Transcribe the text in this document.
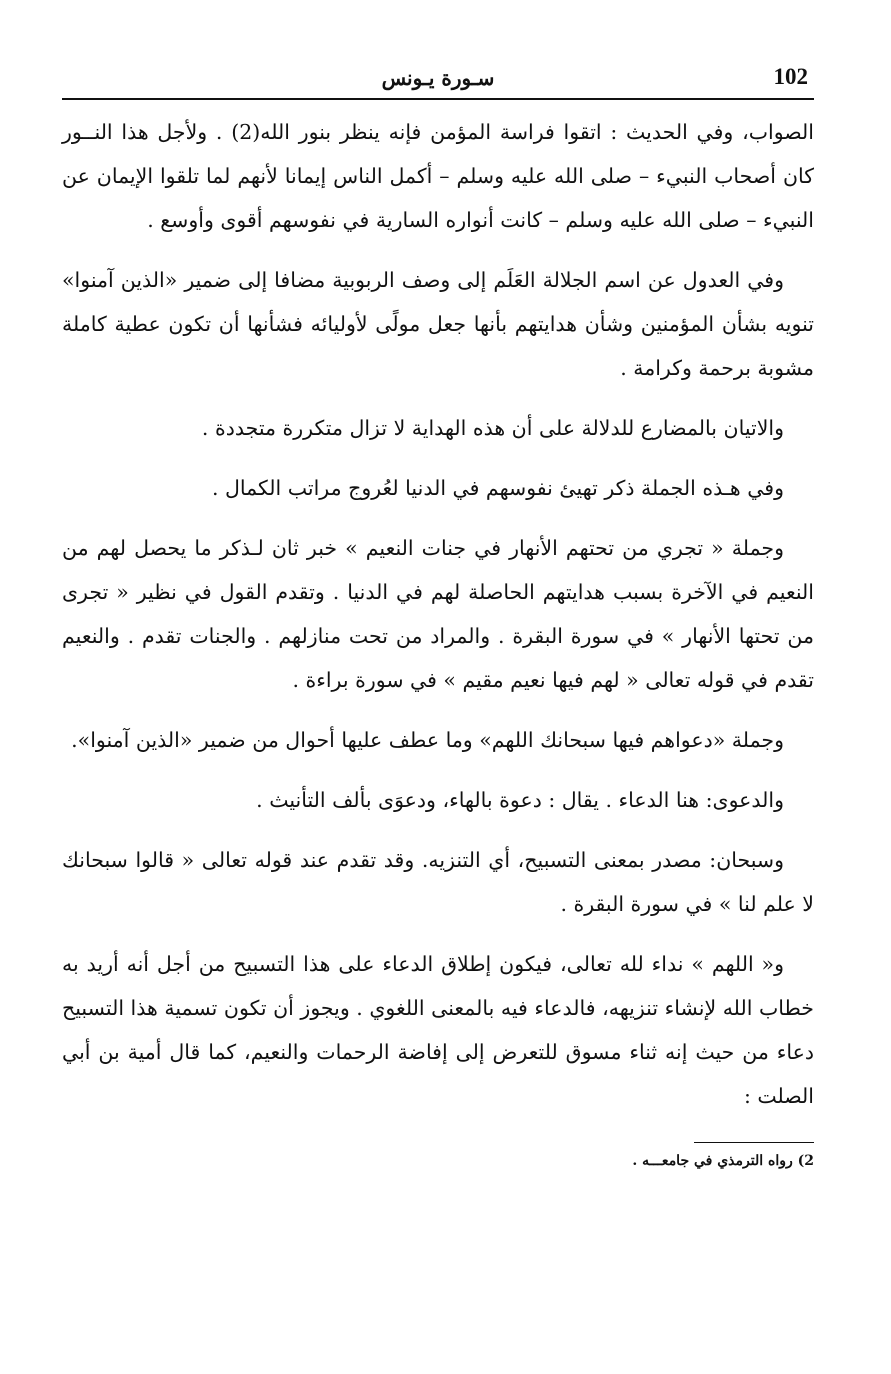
102
سـورة يـونس

الصواب، وفي الحديث : اتقوا فراسة المؤمن فإنه ينظر بنور الله(2) . ولأجل هذا النــور كان أصحاب النبيء – صلى الله عليه وسلم – أكمل الناس إيمانا لأنهم لما تلقوا الإيمان عن النبيء – صلى الله عليه وسلم – كانت أنواره السارية في نفوسهم أقوى وأوسع .

وفي العدول عن اسم الجلالة العَلَم إلى وصف الربوبية مضافا إلى ضمير «الذين آمنوا» تنويه بشأن المؤمنين وشأن هدايتهم بأنها جعل مولًى لأوليائه فشأنها أن تكون عطية كاملة مشوبة برحمة وكرامة .

والاتيان بالمضارع للدلالة على أن هذه الهداية لا تزال متكررة متجددة .

وفي هـذه الجملة ذكر تهيئ نفوسهم في الدنيا لعُروج مراتب الكمال .

وجملة « تجري من تحتهم الأنهار في جنات النعيم » خبر ثان لـذكر ما يحصل لهم من النعيم في الآخرة بسبب هدايتهم الحاصلة لهم في الدنيا . وتقدم القول في نظير « تجرى من تحتها الأنهار » في سورة البقرة . والمراد من تحت منازلهم . والجنات تقدم . والنعيم تقدم في قوله تعالى « لهم فيها نعيم مقيم » في سورة براءة .

وجملة «دعواهم فيها سبحانك اللهم» وما عطف عليها أحوال من ضمير «الذين آمنوا».

والدعوى: هنا الدعاء . يقال : دعوة بالهاء، ودعوَى بألف التأنيث .

وسبحان: مصدر بمعنى التسبيح، أي التنزيه. وقد تقدم عند قوله تعالى « قالوا سبحانك لا علم لنا » في سورة البقرة .

و« اللهم » نداء لله تعالى، فيكون إطلاق الدعاء على هذا التسبيح من أجل أنه أريد به خطاب الله لإنشاء تنزيهه، فالدعاء فيه بالمعنى اللغوي . ويجوز أن تكون تسمية هذا التسبيح دعاء من حيث إنه ثناء مسوق للتعرض إلى إفاضة الرحمات والنعيم، كما قال أمية بن أبي الصلت :

2) رواه الترمذي في جامعـــه .
